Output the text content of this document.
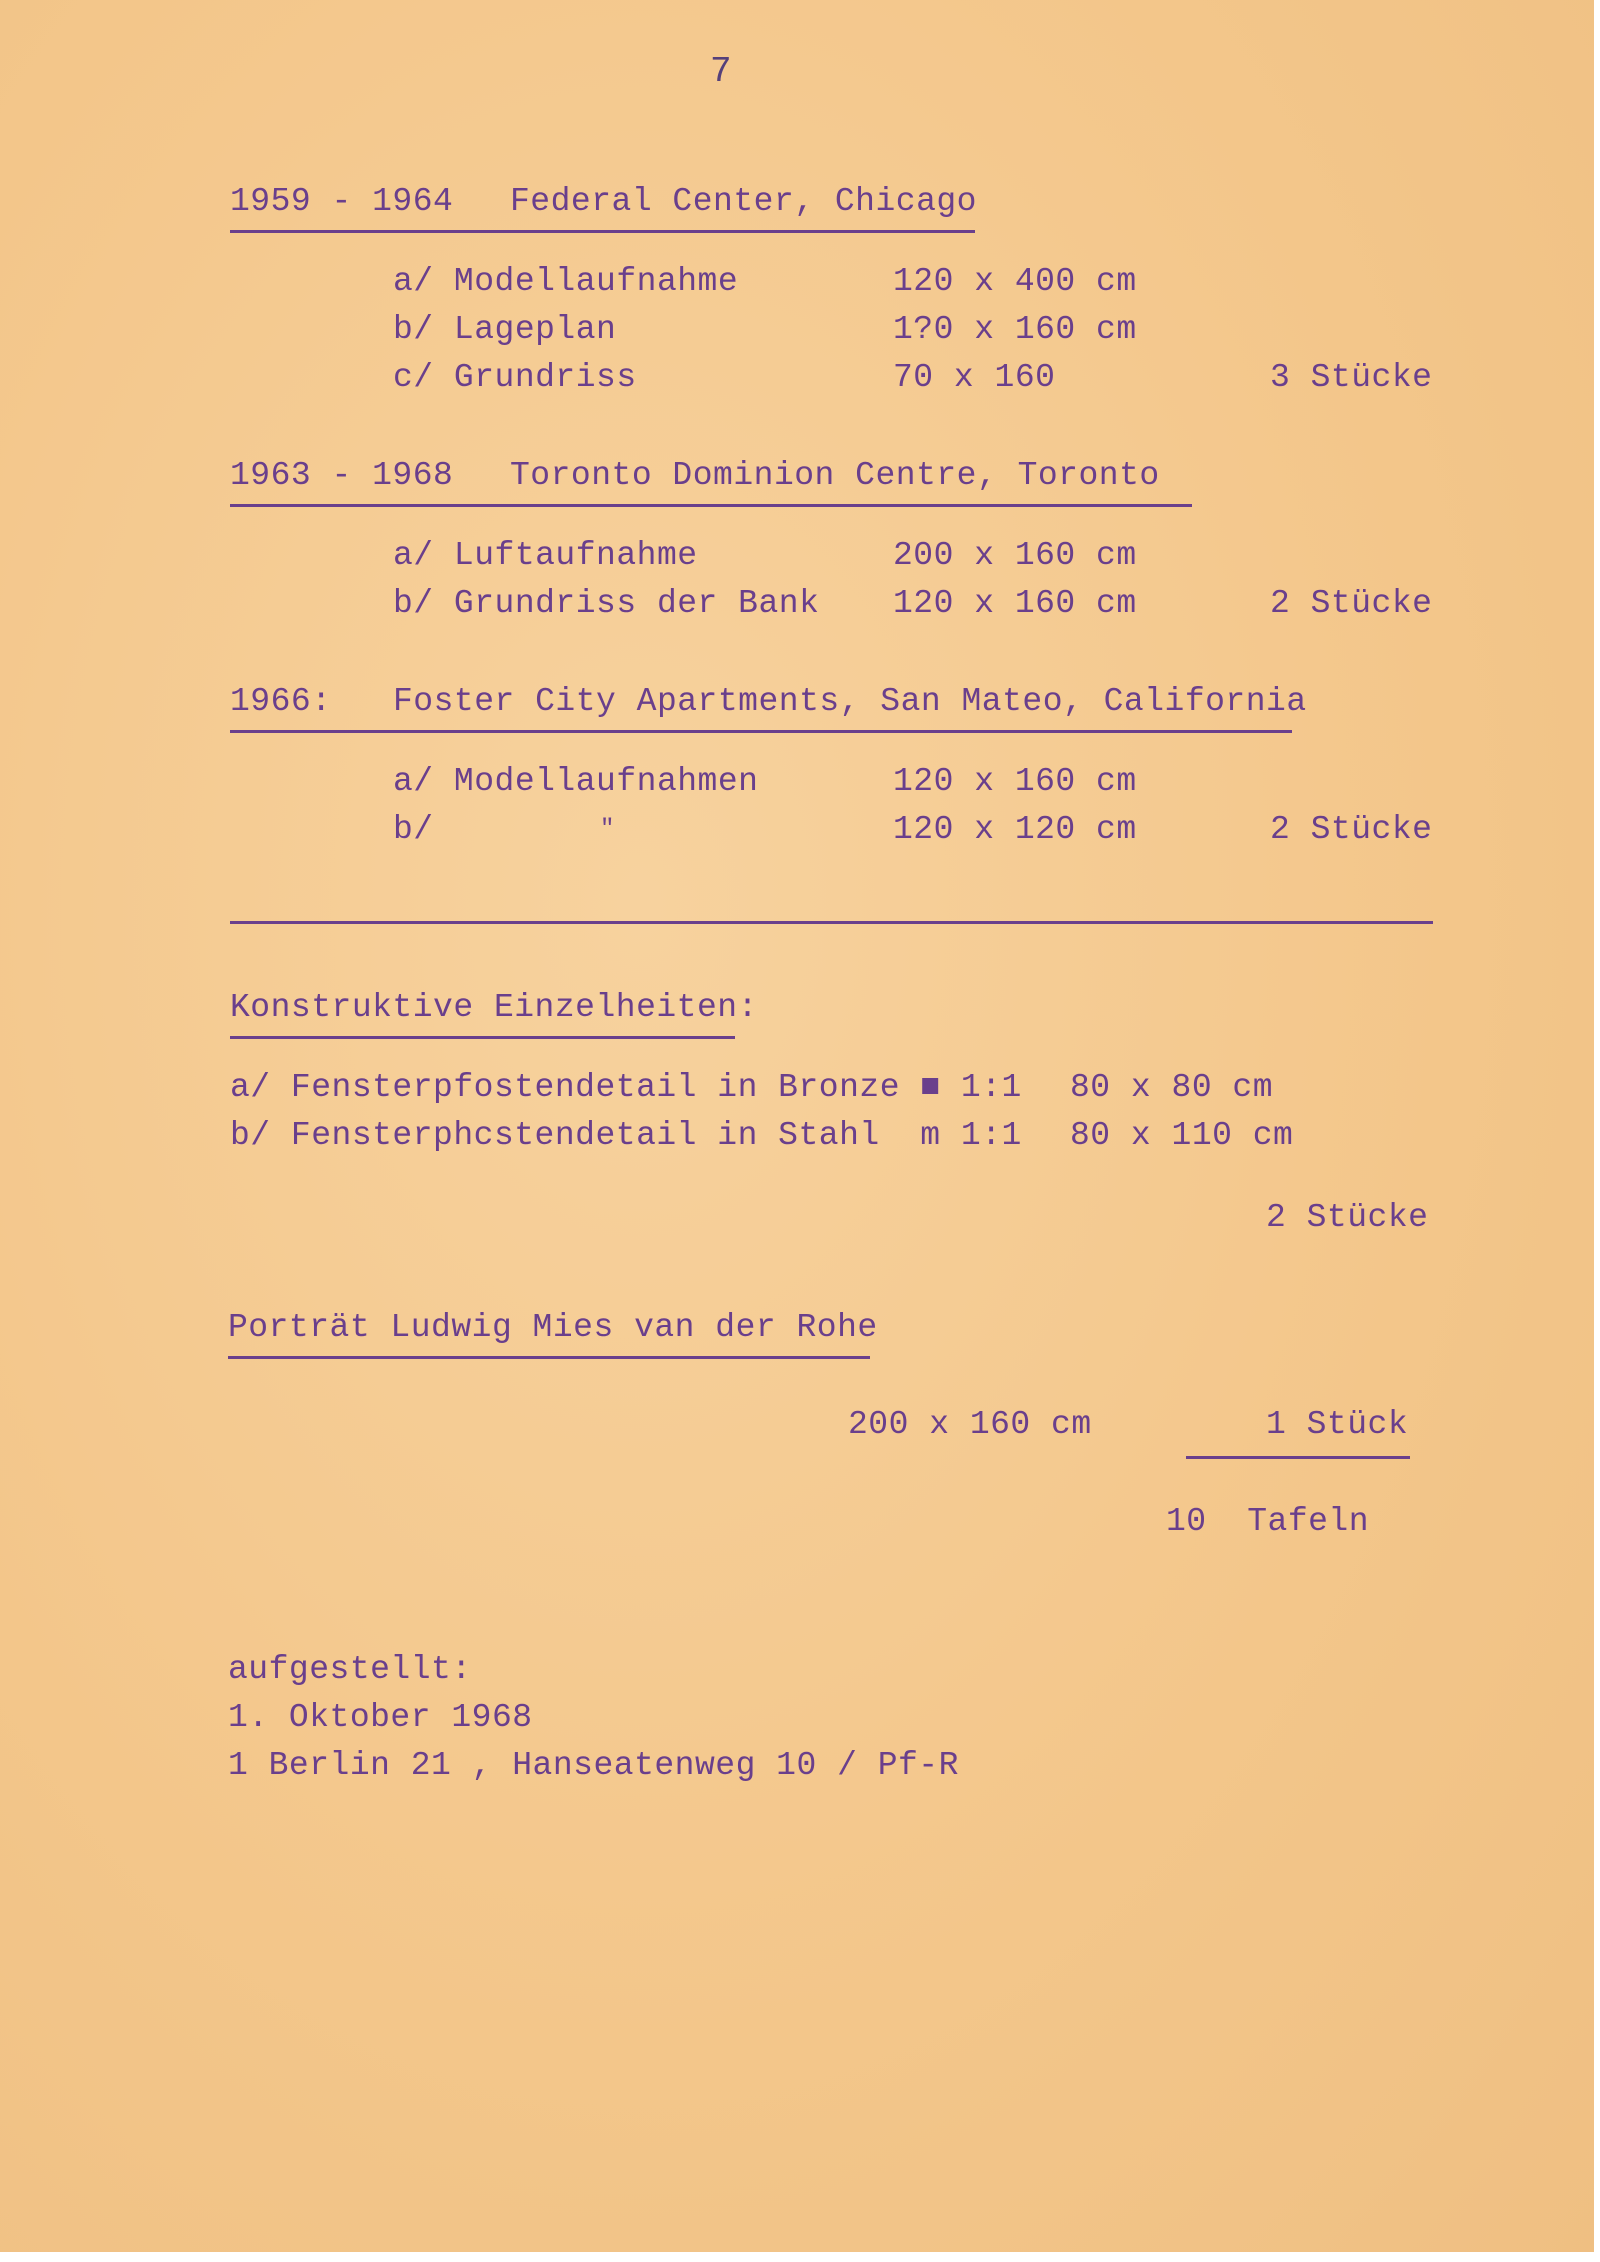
7
1959 - 1964 Federal Center, Chicago
a/ Modellaufnahme	120 x 400 cm
b/ Lageplan	1?0 x 160 cm
c/ Grundriss	70 x 160	3 Stücke
1963 - 1968 Toronto Dominion Centre, Toronto
a/ Luftaufnahme	200 x 160 cm
b/ Grundriss der Bank 120 x 160 cm	2 Stücke
1966: Foster City Apartments, San Mateo, California
a/ Modellaufnahmen	120 x 160 cm
b/	"	120 x 120 cm	2 Stücke
Konstruktive Einzelheiten:
a/ Fensterpfostendetail in Bronze ■ 1:1 80 x 80 cm
b/ Fensterphcstendetail in Stahl  m 1:1 80 x 110 cm
2 Stücke
Porträt Ludwig Mies van der Rohe
200 x 160 cm	1 Stück
10  Tafeln
aufgestellt:
1. Oktober 1968
1 Berlin 21 , Hanseatenweg 10 / Pf-R
